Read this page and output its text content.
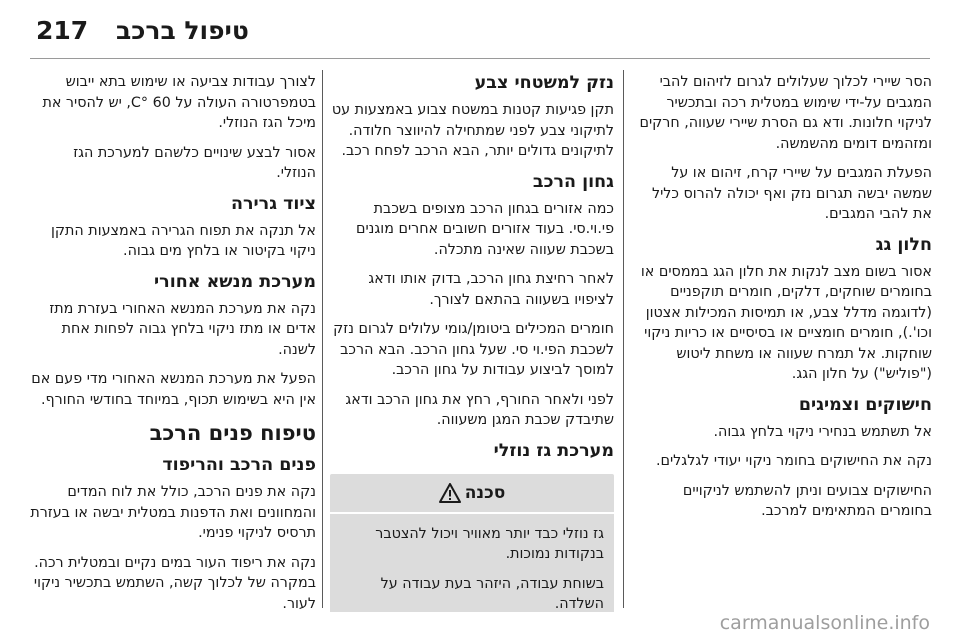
217 טיפול ברכב

הסר שיירי לכלוך שעלולים לגרום לזיהום להבי המגבים על-ידי שימוש במטלית רכה ובתכשיר לניקוי חלונות. ודא גם הסרת שיירי שעווה, חרקים ומזהמים דומים מהשמשה.

הפעלת המגבים על שיירי קרח, זיהום או על שמשה יבשה תגרום נזק ואף יכולה להרוס כליל את להבי המגבים.

חלון גג

אסור בשום מצב לנקות את חלון הגג בממסים או בחומרים שוחקים, דלקים, חומרים תוקפניים (לדוגמה מדלל צבע, או תמיסות המכילות אצטון וכו'.), חומרים חומציים או בסיסיים או כריות ניקוי שוחקות. אל תמרח שעווה או משחת ליטוש ("פוליש") על חלון הגג.

חישוקים וצמיגים

אל תשתמש בנחירי ניקוי בלחץ גבוה.

נקה את החישוקים בחומר ניקוי יעודי לגלגלים.

החישוקים צבועים וניתן להשתמש לניקויים בחומרים המתאימים למרכב.

נזק למשטחי צבע

תקן פגיעות קטנות במשטח צבוע באמצעות עט לתיקוני צבע לפני שמתחילה להיווצר חלודה. לתיקונים גדולים יותר, הבא הרכב לפחח רכב.

גחון הרכב

כמה אזורים בגחון הרכב מצופים בשכבת פי.וי.סי. בעוד אזורים חשובים אחרים מוגנים בשכבת שעווה שאינה מתכלה.

לאחר רחיצת גחון הרכב, בדוק אותו ודאג לציפויו בשעווה בהתאם לצורך.

חומרים המכילים ביטומן/גומי עלולים לגרום נזק לשכבת הפי.וי סי. שעל גחון הרכב. הבא הרכב למוסך לביצוע עבודות על גחון הרכב.

לפני ולאחר החורף, רחץ את גחון הרכב ודאג שתיבדק שכבת המגן משעווה.

מערכת גז נוזלי
סכנה

גז נוזלי כבד יותר מאוויר ויכול להצטבר בנקודות נמוכות.

בשוחת עבודה, היזהר בעת עבודה על השלדה.

לצורך עבודות צביעה או שימוש בתא ייבוש בטמפרטורה העולה על 60 °C, יש להסיר את מיכל הגז הנוזלי.

אסור לבצע שינויים כלשהם למערכת הגז הנוזלי.

ציוד גרירה

אל תנקה את תפוח הגרירה באמצעות התקן ניקוי בקיטור או בלחץ מים גבוה.

מערכת מנשא אחורי

נקה את מערכת המנשא האחורי בעזרת מתז אדים או מתז ניקוי בלחץ גבוה לפחות אחת לשנה.

הפעל את מערכת המנשא האחורי מדי פעם אם אין היא בשימוש תכוף, במיוחד בחודשי החורף.

טיפוח פנים הרכב
פנים הרכב והריפוד

נקה את פנים הרכב, כולל את לוח המדים והמחוונים ואת הדפנות במטלית יבשה או בעזרת תרסיס לניקוי פנימי.

נקה את ריפוד העור במים נקיים ובמטלית רכה. במקרה של לכלוך קשה, השתמש בתכשיר ניקוי לעור.

carmanualsonline.info
